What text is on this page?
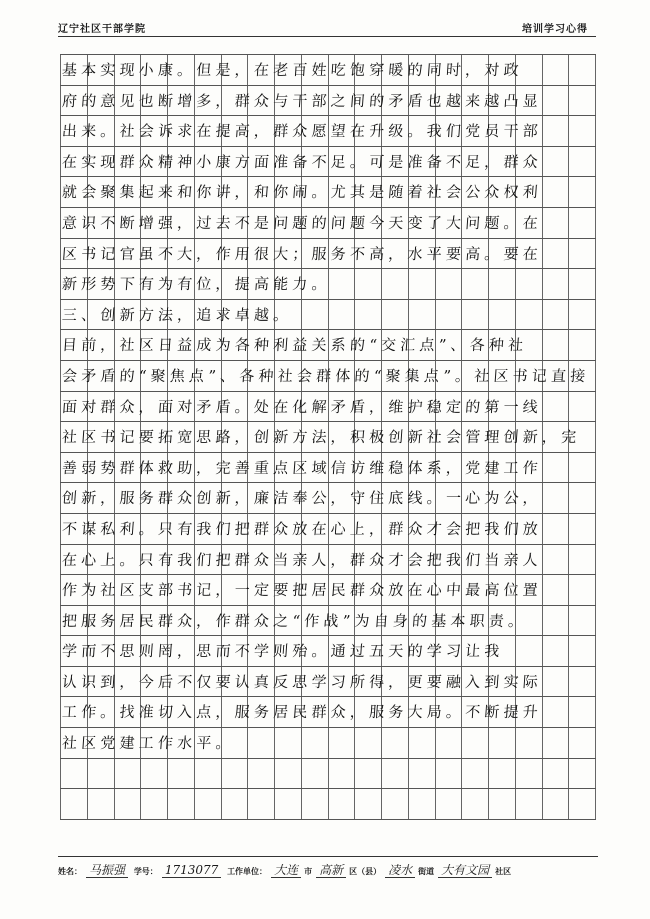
辽宁社区干部学院	培训学习心得
基本实现小康。但是，在老百姓吃饱穿暖的同时，对政
府的意见也断增多，群众与干部之间的矛盾也越来越凸显
出来。社会诉求在提高，群众愿望在升级。我们党员干部
在实现群众精神小康方面准备不足。可是准备不足，群众
就会聚集起来和你讲，和你闹。尤其是随着社会公众权利
意识不断增强，过去不是问题的问题今天变了大问题。在
区书记官虽不大，作用很大；服务不高，水平要高。要在
新形势下有为有位，提高能力。
三、创新方法，追求卓越。
目前，社区日益成为各种利益关系的“交汇点”、各种社
会矛盾的“聚焦点”、各种社会群体的“聚集点”。社区书记直接
面对群众，面对矛盾。处在化解矛盾，维护稳定的第一线
社区书记要拓宽思路，创新方法，积极创新社会管理创新，完
善弱势群体救助，完善重点区域信访维稳体系，党建工作
创新，服务群众创新，廉洁奉公，守住底线。一心为公，
不谋私利。只有我们把群众放在心上，群众才会把我们放
在心上。只有我们把群众当亲人，群众才会把我们当亲人
作为社区支部书记，一定要把居民群众放在心中最高位置
把服务居民群众，作群众之“作战”为自身的基本职责。
学而不思则罔，思而不学则殆。通过五天的学习让我
认识到，今后不仅要认真反思学习所得，更要融入到实际
工作。找准切入点，服务居民群众，服务大局。不断提升
社区党建工作水平。
姓名： 马振强 学号： 1713077 工作单位： 大连 市 高新 区（县） 凌水 街道 大有文园 社区
